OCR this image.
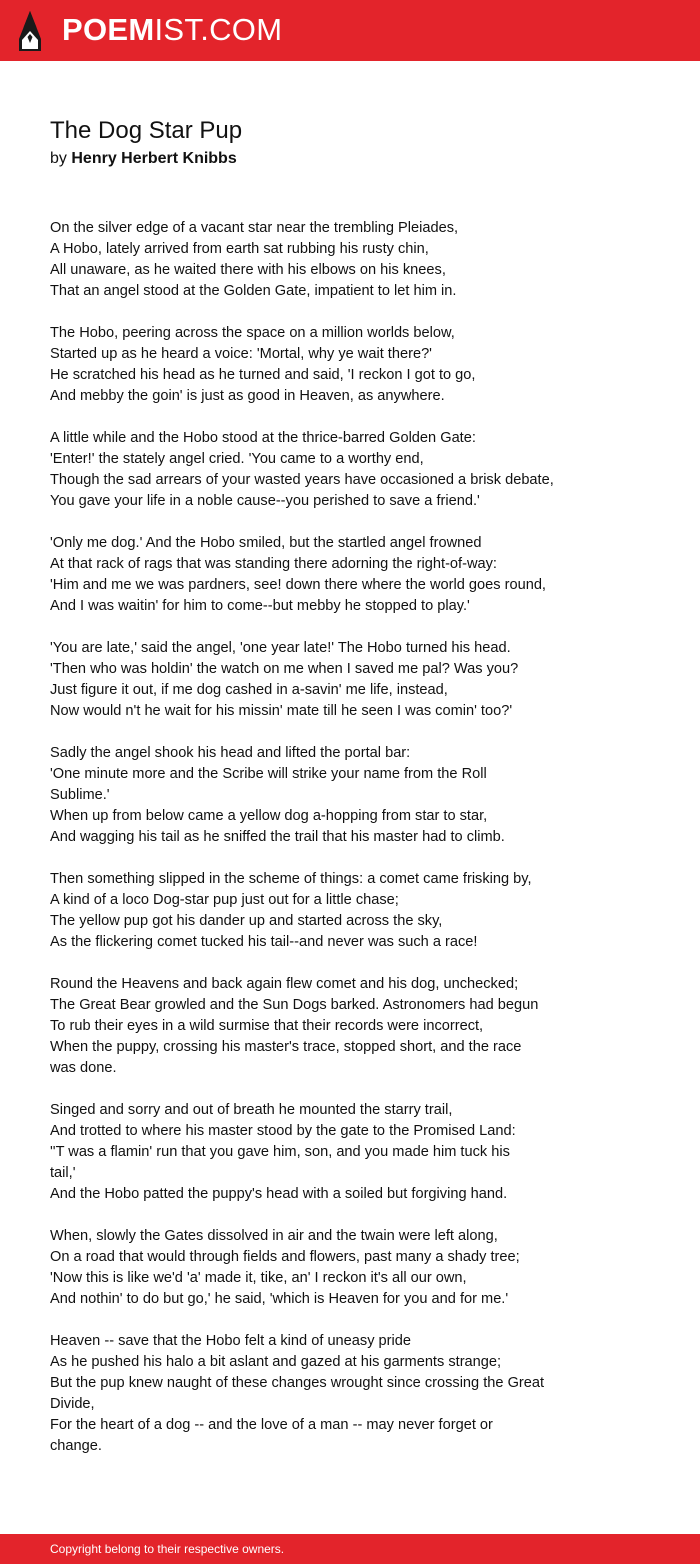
POEMIST.COM
The Dog Star Pup
by Henry Herbert Knibbs

On the silver edge of a vacant star near the trembling Pleiades,
A Hobo, lately arrived from earth sat rubbing his rusty chin,
All unaware, as he waited there with his elbows on his knees,
That an angel stood at the Golden Gate, impatient to let him in.

The Hobo, peering across the space on a million worlds below,
Started up as he heard a voice: 'Mortal, why ye wait there?'
He scratched his head as he turned and said, 'I reckon I got to go,
And mebby the goin' is just as good in Heaven, as anywhere.

A little while and the Hobo stood at the thrice-barred Golden Gate:
'Enter!' the stately angel cried. 'You came to a worthy end,
Though the sad arrears of your wasted years have occasioned a brisk debate,
You gave your life in a noble cause--you perished to save a friend.'

'Only me dog.' And the Hobo smiled, but the startled angel frowned
At that rack of rags that was standing there adorning the right-of-way:
'Him and me we was pardners, see! down there where the world goes round,
And I was waitin' for him to come--but mebby he stopped to play.'

'You are late,' said the angel, 'one year late!' The Hobo turned his head.
'Then who was holdin' the watch on me when I saved me pal? Was you?
Just figure it out, if me dog cashed in a-savin' me life, instead,
Now would n't he wait for his missin' mate till he seen I was comin' too?'

Sadly the angel shook his head and lifted the portal bar:
'One minute more and the Scribe will strike your name from the Roll
Sublime.'
When up from below came a yellow dog a-hopping from star to star,
And wagging his tail as he sniffed the trail that his master had to climb.

Then something slipped in the scheme of things: a comet came frisking by,
A kind of a loco Dog-star pup just out for a little chase;
The yellow pup got his dander up and started across the sky,
As the flickering comet tucked his tail--and never was such a race!

Round the Heavens and back again flew comet and his dog, unchecked;
The Great Bear growled and the Sun Dogs barked. Astronomers had begun
To rub their eyes in a wild surmise that their records were incorrect,
When the puppy, crossing his master's trace, stopped short, and the race
was done.

Singed and sorry and out of breath he mounted the starry trail,
And trotted to where his master stood by the gate to the Promised Land:
''T was a flamin' run that you gave him, son, and you made him tuck his
tail,'
And the Hobo patted the puppy's head with a soiled but forgiving hand.

When, slowly the Gates dissolved in air and the twain were left along,
On a road that would through fields and flowers, past many a shady tree;
'Now this is like we'd 'a' made it, tike, an' I reckon it's all our own,
And nothin' to do but go,' he said, 'which is Heaven for you and for me.'

Heaven -- save that the Hobo felt a kind of uneasy pride
As he pushed his halo a bit aslant and gazed at his garments strange;
But the pup knew naught of these changes wrought since crossing the Great
Divide,
For the heart of a dog -- and the love of a man -- may never forget or
change.

Copyright belong to their respective owners.
